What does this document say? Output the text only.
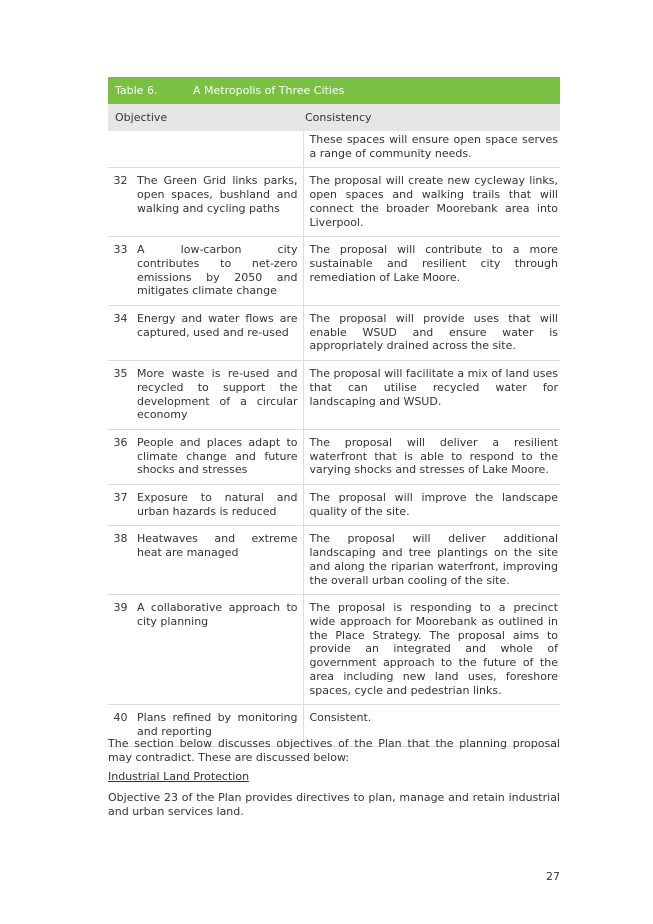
Table 6.	A Metropolis of Three Cities
Objective	Consistency
		These spaces will ensure open space serves a range of community needs.
32	The Green Grid links parks, open spaces, bushland and walking and cycling paths	The proposal will create new cycleway links, open spaces and walking trails that will connect the broader Moorebank area into Liverpool.
33	A low-carbon city contributes to net-zero emissions by 2050 and mitigates climate change	The proposal will contribute to a more sustainable and resilient city through remediation of Lake Moore.
34	Energy and water flows are captured, used and re-used	The proposal will provide uses that will enable WSUD and ensure water is appropriately drained across the site.
35	More waste is re-used and recycled to support the development of a circular economy	The proposal will facilitate a mix of land uses that can utilise recycled water for landscaping and WSUD.
36	People and places adapt to climate change and future shocks and stresses	The proposal will deliver a resilient waterfront that is able to respond to the varying shocks and stresses of Lake Moore.
37	Exposure to natural and urban hazards is reduced	The proposal will improve the landscape quality of the site.
38	Heatwaves and extreme heat are managed	The proposal will deliver additional landscaping and tree plantings on the site and along the riparian waterfront, improving the overall urban cooling of the site.
39	A collaborative approach to city planning	The proposal is responding to a precinct wide approach for Moorebank as outlined in the Place Strategy. The proposal aims to provide an integrated and whole of government approach to the future of the area including new land uses, foreshore spaces, cycle and pedestrian links.
40	Plans refined by monitoring and reporting	Consistent.

The section below discusses objectives of the Plan that the planning proposal may contradict. These are discussed below:

Industrial Land Protection

Objective 23 of the Plan provides directives to plan, manage and retain industrial and urban services land.

27
